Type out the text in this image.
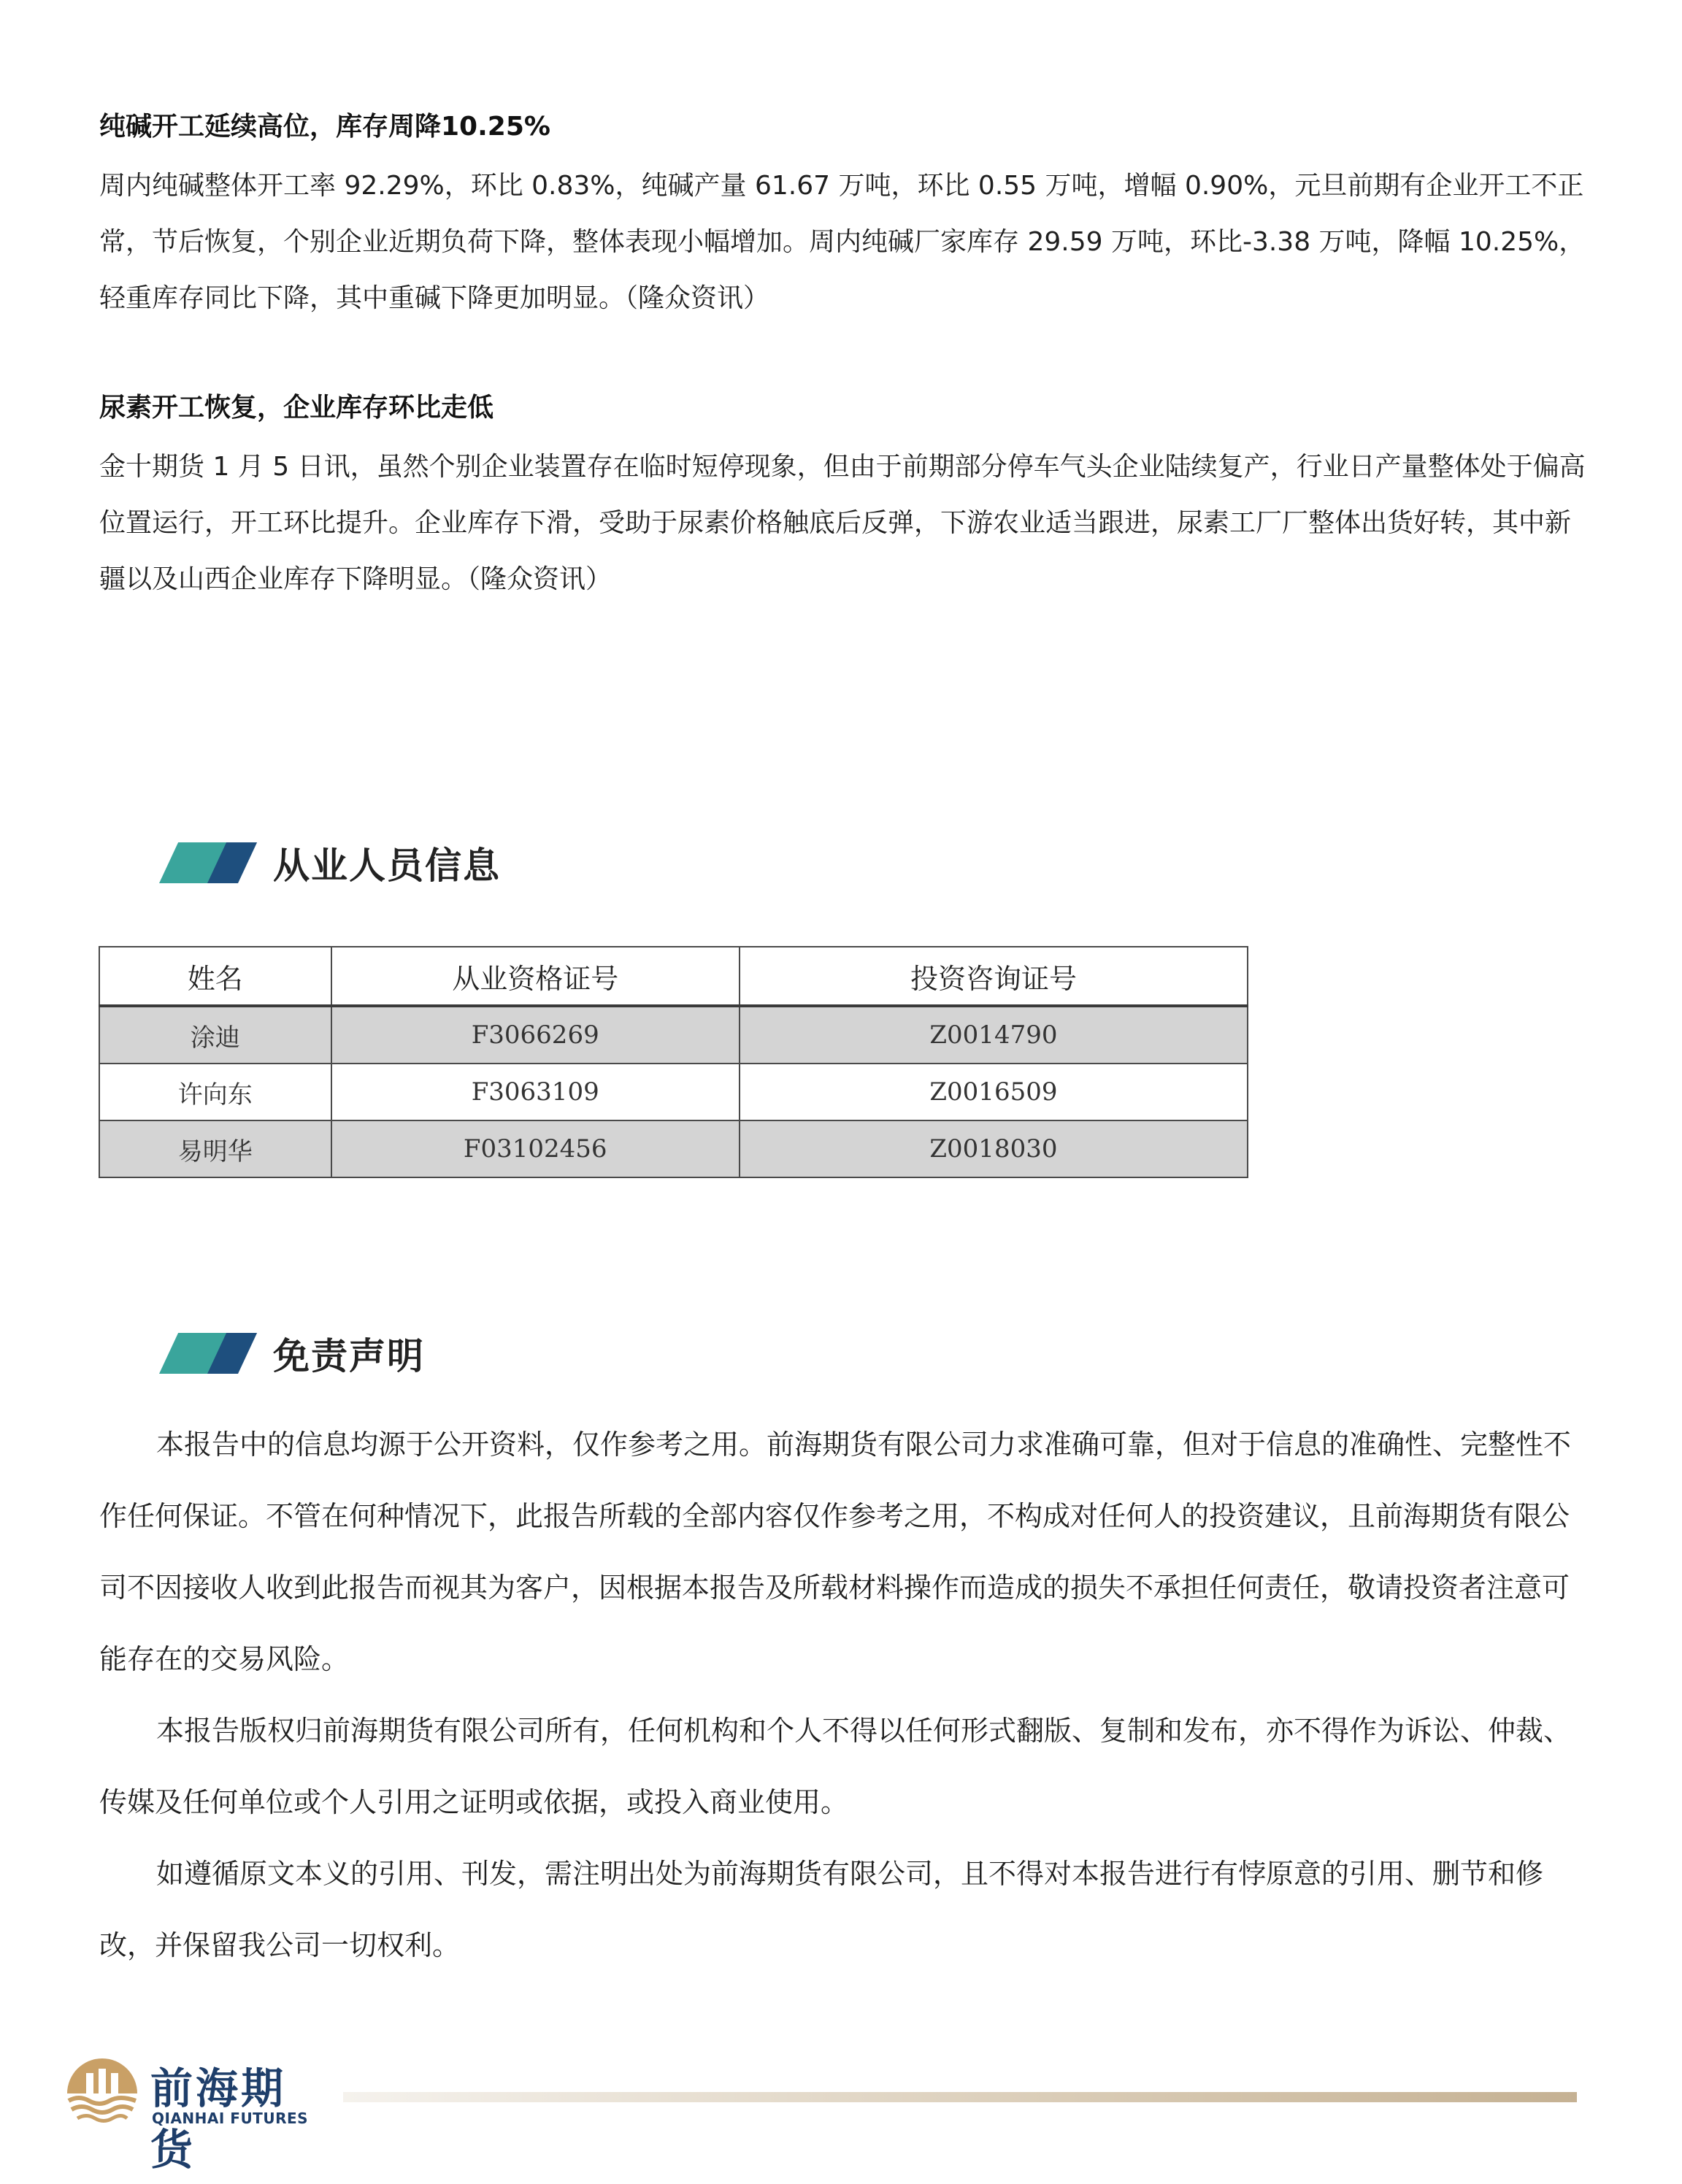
纯碱开工延续高位，库存周降10.25%

周内纯碱整体开工率 92.29%，环比 0.83%，纯碱产量 61.67 万吨，环比 0.55 万吨，增幅 0.90%，元旦前期有企业开工不正常，节后恢复，个别企业近期负荷下降，整体表现小幅增加。周内纯碱厂家库存 29.59 万吨，环比-3.38 万吨，降幅 10.25%，轻重库存同比下降，其中重碱下降更加明显。（隆众资讯）

尿素开工恢复，企业库存环比走低

金十期货 1 月 5 日讯，虽然个别企业装置存在临时短停现象，但由于前期部分停车气头企业陆续复产，行业日产量整体处于偏高位置运行，开工环比提升。企业库存下滑，受助于尿素价格触底后反弹，下游农业适当跟进，尿素工厂厂整体出货好转，其中新疆以及山西企业库存下降明显。（隆众资讯）

从业人员信息
姓名	从业资格证号	投资咨询证号
涂迪	F3066269	Z0014790
许向东	F3063109	Z0016509
易明华	F03102456	Z0018030
免责声明

本报告中的信息均源于公开资料，仅作参考之用。前海期货有限公司力求准确可靠，但对于信息的准确性、完整性不作任何保证。不管在何种情况下，此报告所载的全部内容仅作参考之用，不构成对任何人的投资建议，且前海期货有限公司不因接收人收到此报告而视其为客户，因根据本报告及所载材料操作而造成的损失不承担任何责任，敬请投资者注意可能存在的交易风险。

本报告版权归前海期货有限公司所有，任何机构和个人不得以任何形式翻版、复制和发布，亦不得作为诉讼、仲裁、传媒及任何单位或个人引用之证明或依据，或投入商业使用。

如遵循原文本义的引用、刊发，需注明出处为前海期货有限公司，且不得对本报告进行有悖原意的引用、删节和修改，并保留我公司一切权利。

前海期货
QIANHAI FUTURES
